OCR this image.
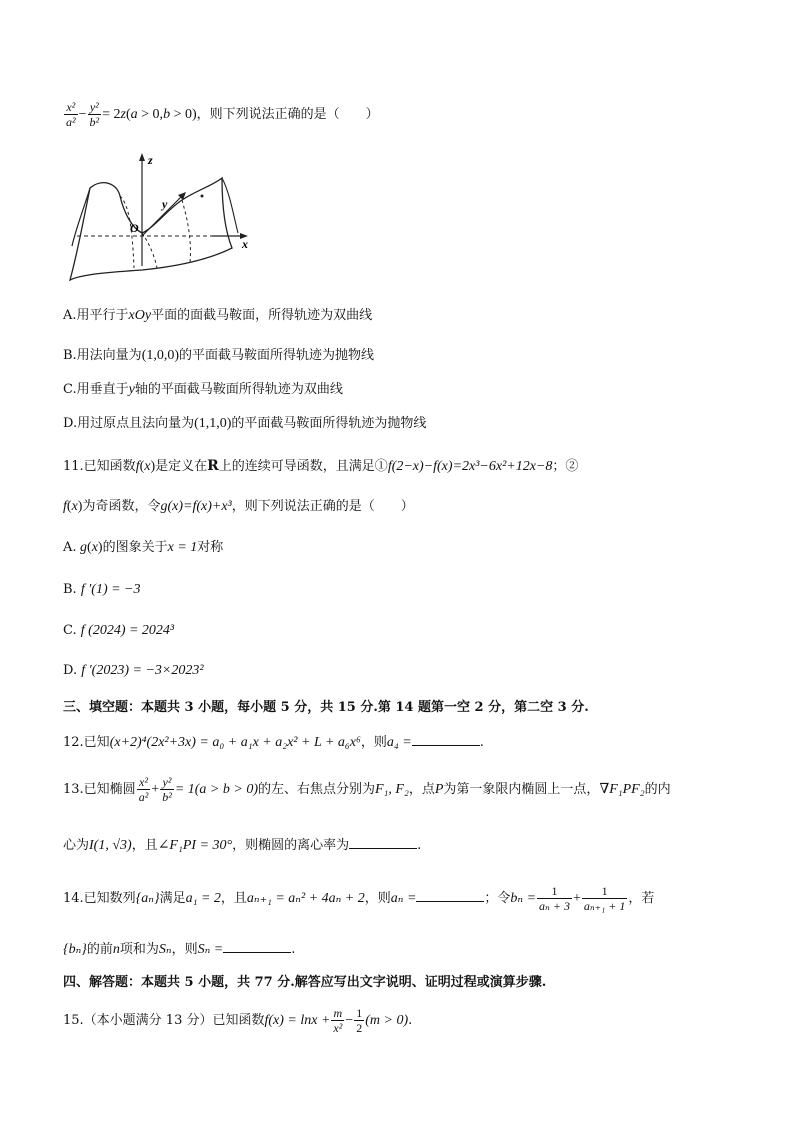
$\frac{\text{x²}}{\text{a²}} - \frac{\text{y²}}{\text{b²}} = 2z(a > 0,b > 0)$，则下列说法正确的是（　　）
z
y
x
O
A.用平行于xOy平面的面截马鞍面，所得轨迹为双曲线
B.用法向量为(1,0,0)的平面截马鞍面所得轨迹为抛物线
C.用垂直于y轴的平面截马鞍面所得轨迹为双曲线
D.用过原点且法向量为(1,1,0)的平面截马鞍面所得轨迹为抛物线
11.已知函数f(x)是定义在R上的连续可导函数，且满足①f(2−x)−f(x)=2x³−6x²+12x−8；②
f(x)为奇函数，令g(x)=f(x)+x³，则下列说法正确的是（　　）
A. g(x)的图象关于x = 1对称
B. f ′(1) = −3
C. f (2024) = 2024³
D. f ′(2023) = −3×2023²
三、填空题：本题共 3 小题，每小题 5 分，共 15 分.第 14 题第一空 2 分，第二空 3 分.
12.已知(x+2)⁴(2x²+3x) = a₀ + a₁x + a₂x² + L + a₆x⁶，则a₄ =	.
13.已知椭圆 $\frac{\text{x²}}{\text{a²}} + \frac{\text{y²}}{\text{b²}} = 1(a > b > 0)$的左、右焦点分别为F₁, F₂，点P为第一象限内椭圆上一点，∇F₁PF₂的内
心为I(1, √3)，且∠F₁PI = 30°，则椭圆的离心率为	.
14.已知数列{aₙ}满足a₁ = 2，且aₙ₊₁ = aₙ² + 4aₙ + 2，则aₙ =	；令$b_n = \frac{1}{\text{aₙ + 3}} + \frac{1}{\text{aₙ₊₁ + 1}}$ ，若
{bₙ}的前n项和为Sₙ，则Sₙ =	.
四、解答题：本题共 5 小题，共 77 分.解答应写出文字说明、证明过程或演算步骤.
15.（本小题满分 13 分）已知函数$f(x) = \ln x + \frac{m}{\text{x²}} - \frac{1}{2} (m > 0)$.
